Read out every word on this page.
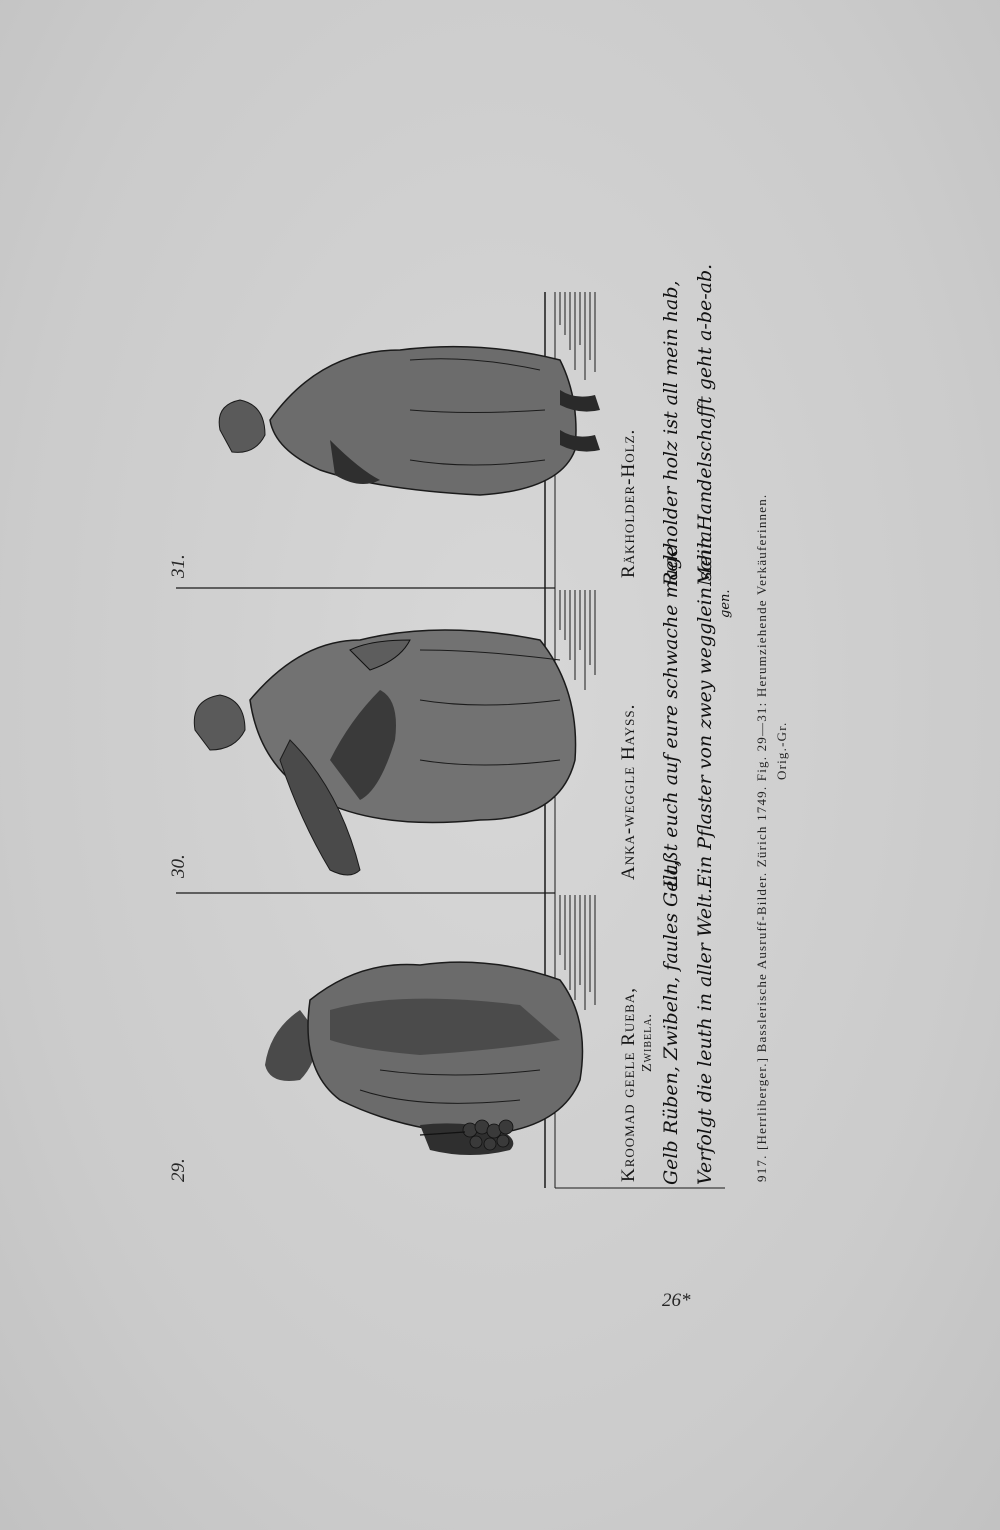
29.

30.

31.

Kroomad geele Rueba, Zwibela. Gelb Rüben, Zwibeln, faules Gelt, Verfolgt die leuth in aller Welt.

Anka-weggle Hayss. Laßt euch auf eure schwache mage Ein Pflaster von zwey wegglein schla gen.

Räkholder-Holz. Rekholder holz ist all mein hab, Mein Handelschafft geht a-be-ab.

917. [Herrliberger.] Basslerische Ausruff-Bilder. Zürich 1749. Fig. 29—31: Herumziehende Verkäuferinnen. Orig.-Gr.

26*
